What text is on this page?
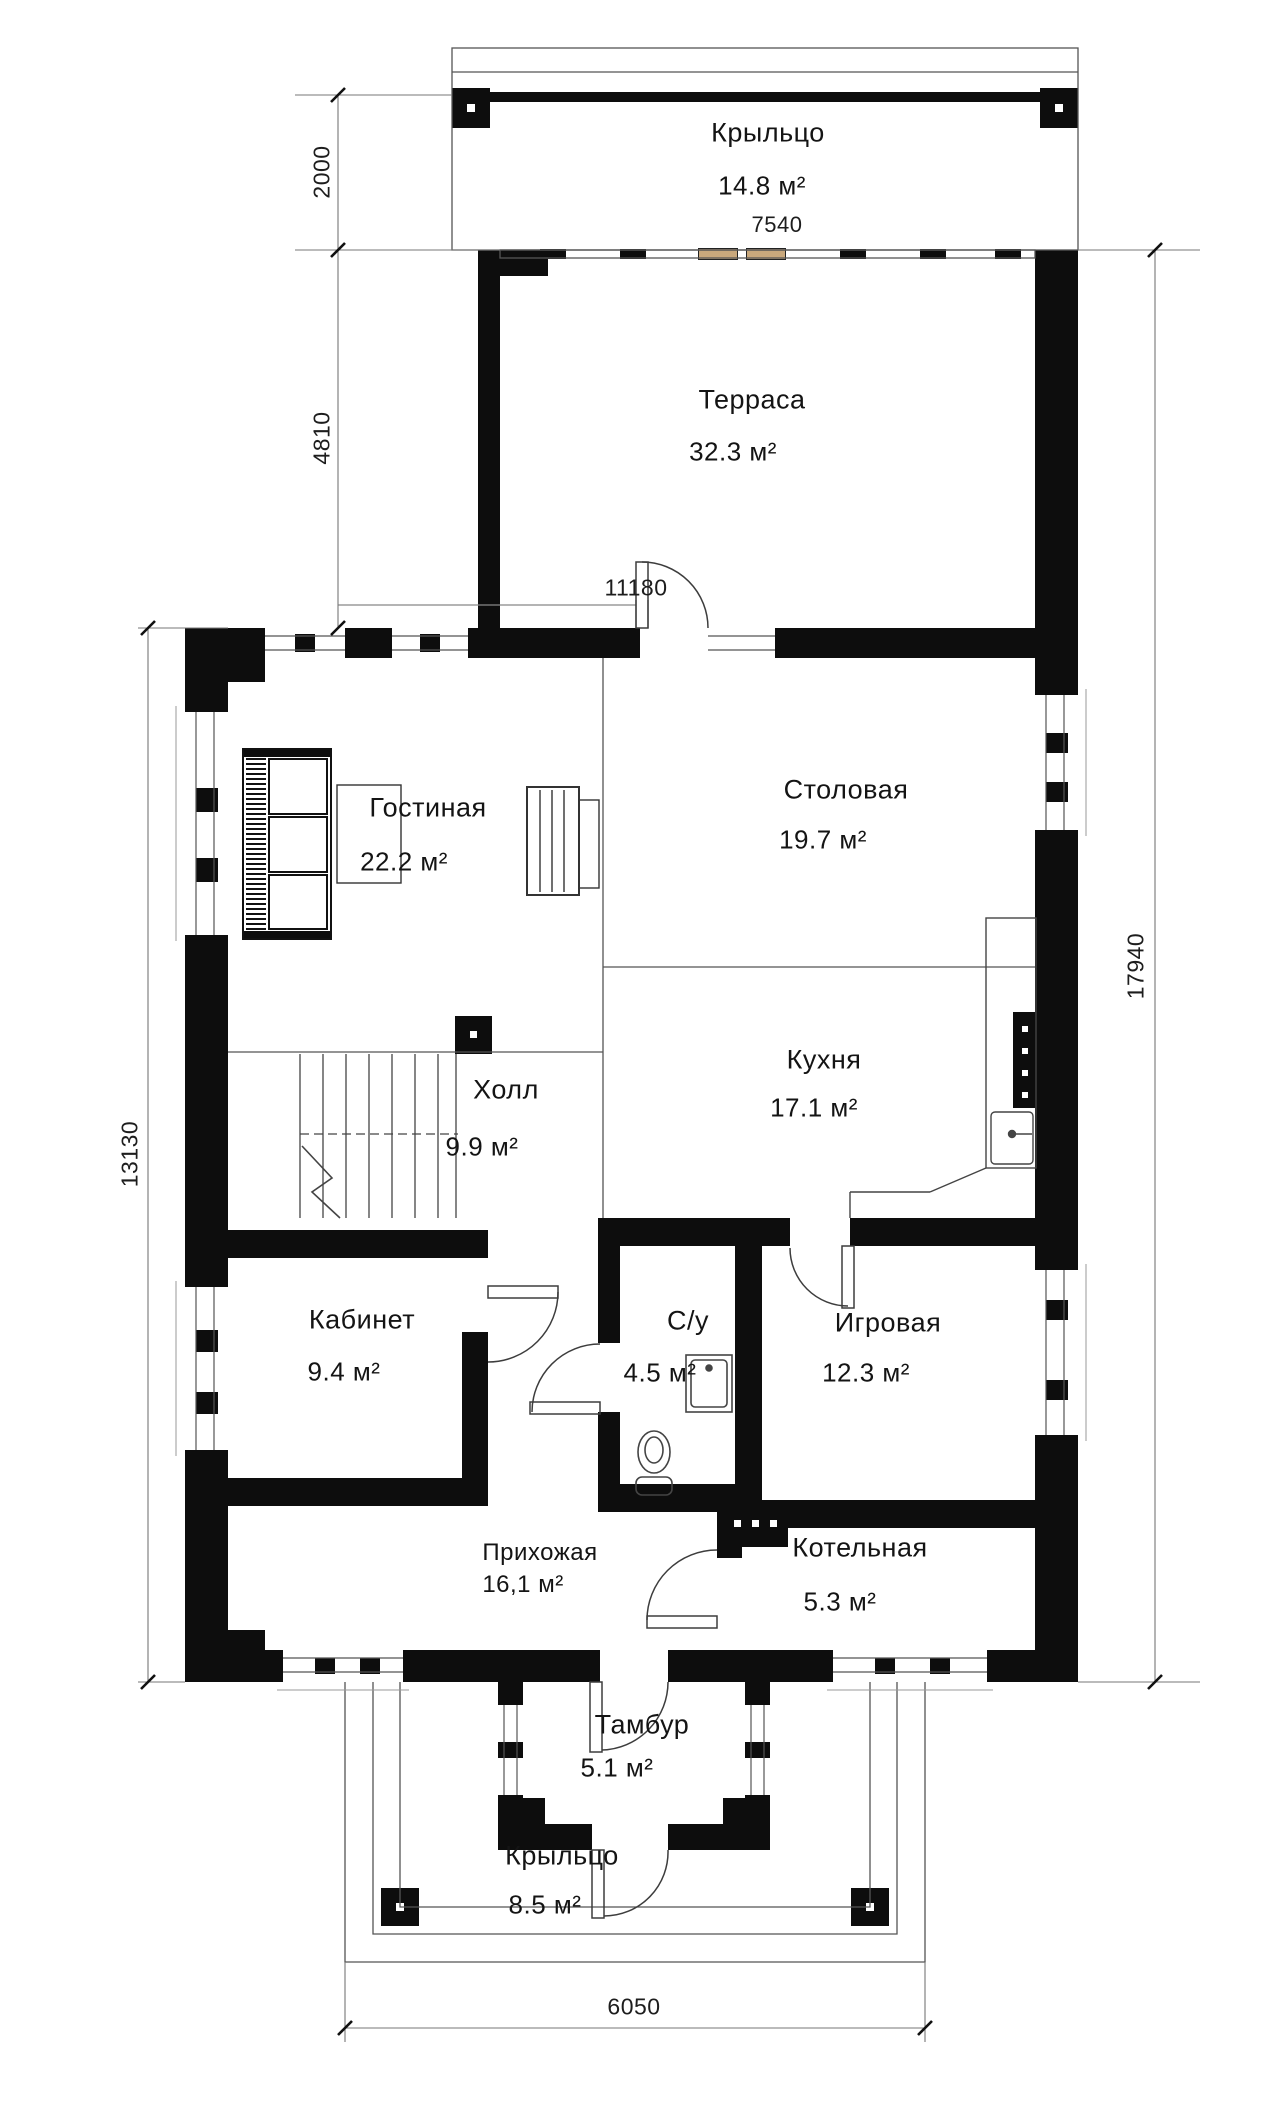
Крыльцо
14.8 м²
7540
Терраса
32.3 м²
Гостиная
22.2 м²
Столовая
19.7 м²
Кухня
17.1 м²
Холл
9.9 м²
Кабинет
9.4 м²
С/у
4.5 м²
Игровая
12.3 м²
Прихожая
16,1 м²
Котельная
5.3 м²
Тамбур
5.1 м²
Крыльцо
8.5 м²
2000
4810
11180
13130
17940
6050
